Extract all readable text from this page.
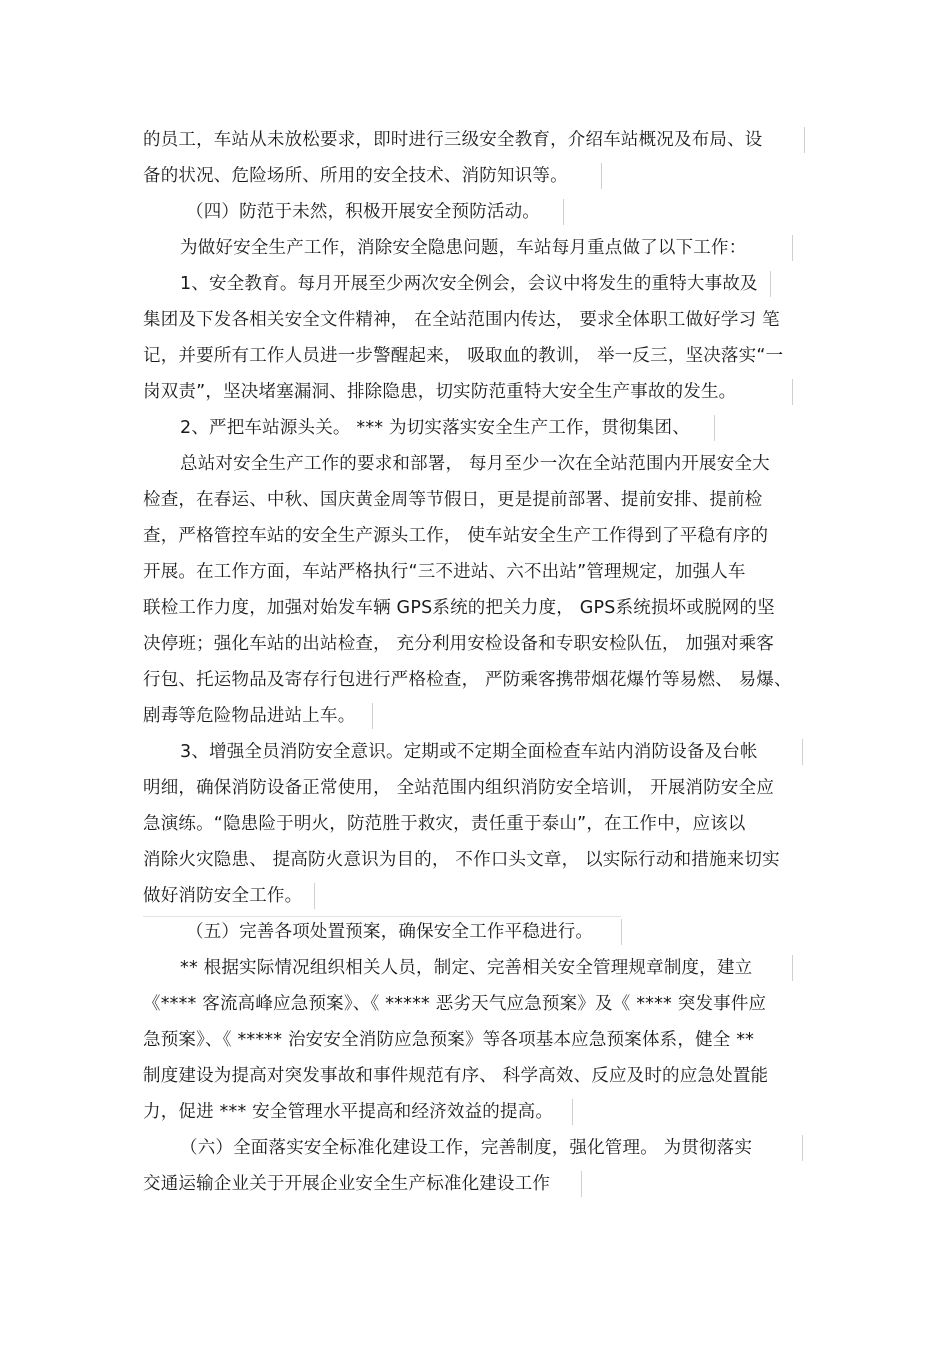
的员工，车站从未放松要求，即时进行三级安全教育，介绍车站概况及布局、设
备的状况、危险场所、所用的安全技术、消防知识等。
（四）防范于未然，积极开展安全预防活动。
为做好安全生产工作，消除安全隐患问题，车站每月重点做了以下工作：
1、安全教育。每月开展至少两次安全例会，会议中将发生的重特大事故及
集团及下发各相关安全文件精神， 在全站范围内传达， 要求全体职工做好学习 笔
记，并要所有工作人员进一步警醒起来， 吸取血的教训， 举一反三，坚决落实“一
岗双责”，坚决堵塞漏洞、排除隐患，切实防范重特大安全生产事故的发生。
2、严把车站源头关。 *** 为切实落实安全生产工作，贯彻集团、
总站对安全生产工作的要求和部署， 每月至少一次在全站范围内开展安全大
检查，在春运、中秋、国庆黄金周等节假日，更是提前部署、提前安排、提前检
查，严格管控车站的安全生产源头工作， 使车站安全生产工作得到了平稳有序的
开展。在工作方面，车站严格执行“三不进站、六不出站”管理规定，加强人车
联检工作力度，加强对始发车辆 GPS系统的把关力度， GPS系统损坏或脱网的坚
决停班；强化车站的出站检查， 充分利用安检设备和专职安检队伍， 加强对乘客
行包、托运物品及寄存行包进行严格检查， 严防乘客携带烟花爆竹等易燃、 易爆、
剧毒等危险物品进站上车。
3、增强全员消防安全意识。定期或不定期全面检查车站内消防设备及台帐
明细，确保消防设备正常使用， 全站范围内组织消防安全培训， 开展消防安全应
急演练。“隐患险于明火，防范胜于救灾，责任重于泰山”，在工作中，应该以
消除火灾隐患、 提高防火意识为目的， 不作口头文章， 以实际行动和措施来切实
做好消防安全工作。
（五）完善各项处置预案，确保安全工作平稳进行。
** 根据实际情况组织相关人员，制定、完善相关安全管理规章制度，建立
《**** 客流高峰应急预案》、《 ***** 恶劣天气应急预案》及《 **** 突发事件应
急预案》、《 ***** 治安安全消防应急预案》等各项基本应急预案体系，健全 **
制度建设为提高对突发事故和事件规范有序、 科学高效、反应及时的应急处置能
力，促进 *** 安全管理水平提高和经济效益的提高。
（六）全面落实安全标准化建设工作，完善制度，强化管理。 为贯彻落实
交通运输企业关于开展企业安全生产标准化建设工作
